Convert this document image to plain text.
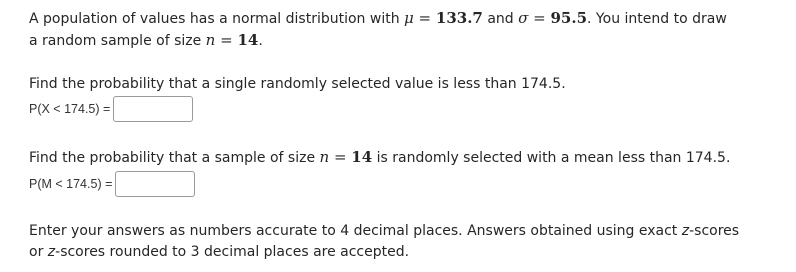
A population of values has a normal distribution with μ = 133.7 and σ = 95.5. You intend to draw
a random sample of size n = 14.
Find the probability that a single randomly selected value is less than 174.5.
P(X < 174.5) =
Find the probability that a sample of size n = 14 is randomly selected with a mean less than 174.5.
P(M < 174.5) =
Enter your answers as numbers accurate to 4 decimal places. Answers obtained using exact z-scores
or z-scores rounded to 3 decimal places are accepted.
